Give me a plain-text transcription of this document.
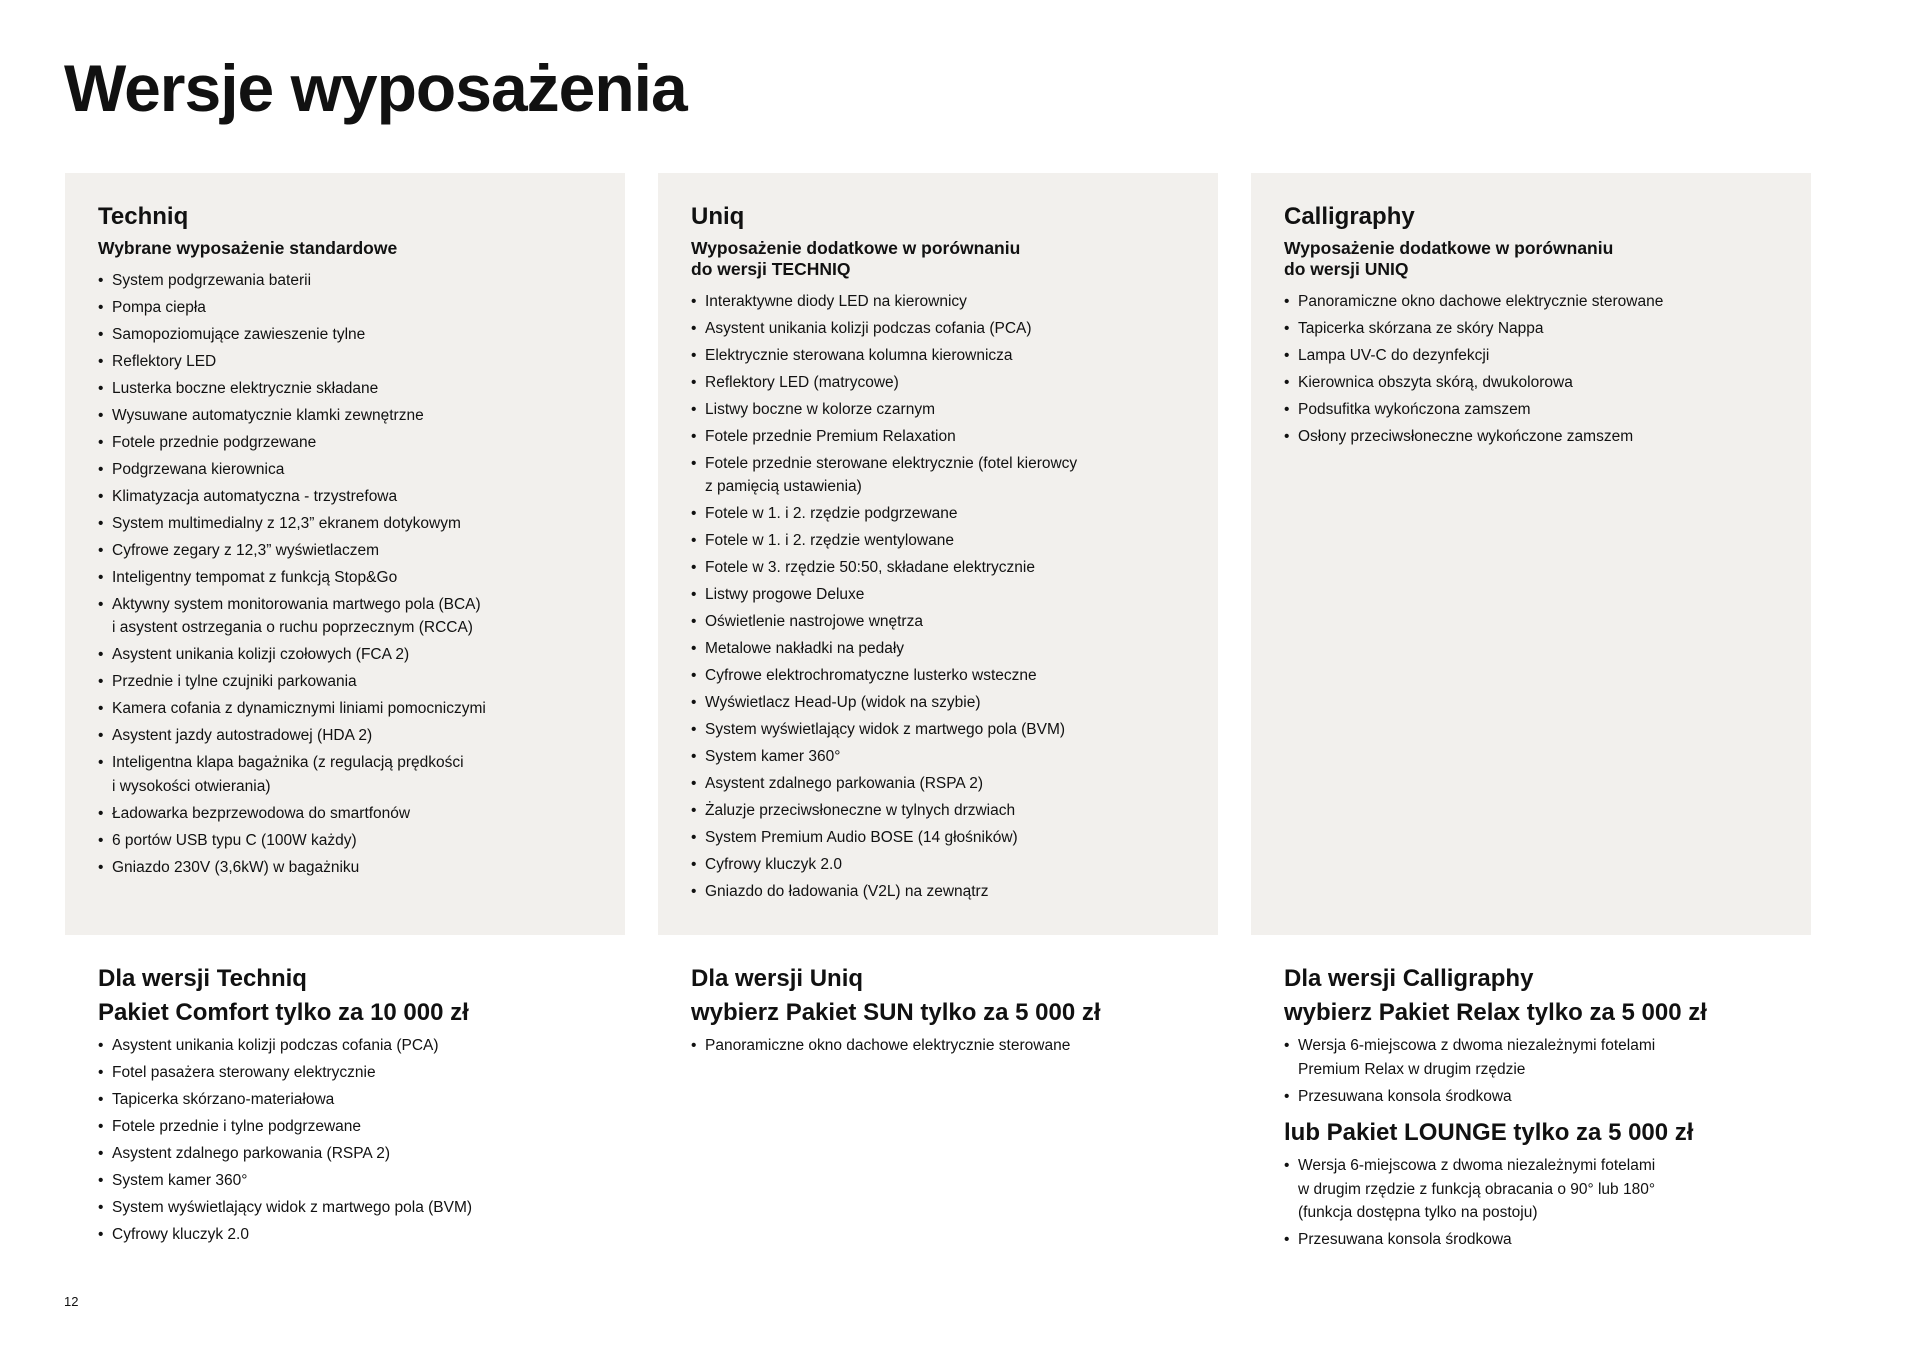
Wersje wyposażenia
Techniq
Wybrane wyposażenie standardowe
• System podgrzewania baterii
• Pompa ciepła
• Samopoziomujące zawieszenie tylne
• Reflektory LED
• Lusterka boczne elektrycznie składane
• Wysuwane automatycznie klamki zewnętrzne
• Fotele przednie podgrzewane
• Podgrzewana kierownica
• Klimatyzacja automatyczna - trzystrefowa
• System multimedialny z 12,3” ekranem dotykowym
• Cyfrowe zegary z 12,3” wyświetlaczem
• Inteligentny tempomat z funkcją Stop&Go
• Aktywny system monitorowania martwego pola (BCA)
i asystent ostrzegania o ruchu poprzecznym (RCCA)
• Asystent unikania kolizji czołowych (FCA 2)
• Przednie i tylne czujniki parkowania
• Kamera cofania z dynamicznymi liniami pomocniczymi
• Asystent jazdy autostradowej (HDA 2)
• Inteligentna klapa bagażnika (z regulacją prędkości
i wysokości otwierania)
• Ładowarka bezprzewodowa do smartfonów
• 6 portów USB typu C (100W każdy)
• Gniazdo 230V (3,6kW) w bagażniku
Uniq
Wyposażenie dodatkowe w porównaniu
do wersji TECHNIQ
• Interaktywne diody LED na kierownicy
• Asystent unikania kolizji podczas cofania (PCA)
• Elektrycznie sterowana kolumna kierownicza
• Reflektory LED (matrycowe)
• Listwy boczne w kolorze czarnym
• Fotele przednie Premium Relaxation
• Fotele przednie sterowane elektrycznie (fotel kierowcy
z pamięcią ustawienia)
• Fotele w 1. i 2. rzędzie podgrzewane
• Fotele w 1. i 2. rzędzie wentylowane
• Fotele w 3. rzędzie 50:50, składane elektrycznie
• Listwy progowe Deluxe
• Oświetlenie nastrojowe wnętrza
• Metalowe nakładki na pedały
• Cyfrowe elektrochromatyczne lusterko wsteczne
• Wyświetlacz Head-Up (widok na szybie)
• System wyświetlający widok z martwego pola (BVM)
• System kamer 360°
• Asystent zdalnego parkowania (RSPA 2)
• Żaluzje przeciwsłoneczne w tylnych drzwiach
• System Premium Audio BOSE (14 głośników)
• Cyfrowy kluczyk 2.0
• Gniazdo do ładowania (V2L) na zewnątrz
Calligraphy
Wyposażenie dodatkowe w porównaniu
do wersji UNIQ
• Panoramiczne okno dachowe elektrycznie sterowane
• Tapicerka skórzana ze skóry Nappa
• Lampa UV-C do dezynfekcji
• Kierownica obszyta skórą, dwukolorowa
• Podsufitka wykończona zamszem
• Osłony przeciwsłoneczne wykończone zamszem
Dla wersji Techniq
Pakiet Comfort tylko za 10 000 zł
• Asystent unikania kolizji podczas cofania (PCA)
• Fotel pasażera sterowany elektrycznie
• Tapicerka skórzano-materiałowa
• Fotele przednie i tylne podgrzewane
• Asystent zdalnego parkowania (RSPA 2)
• System kamer 360°
• System wyświetlający widok z martwego pola (BVM)
• Cyfrowy kluczyk 2.0
Dla wersji Uniq
wybierz Pakiet SUN tylko za 5 000 zł
• Panoramiczne okno dachowe elektrycznie sterowane
Dla wersji Calligraphy
wybierz Pakiet Relax tylko za 5 000 zł
• Wersja 6-miejscowa z dwoma niezależnymi fotelami
Premium Relax w drugim rzędzie
• Przesuwana konsola środkowa
lub Pakiet LOUNGE tylko za 5 000 zł
• Wersja 6-miejscowa z dwoma niezależnymi fotelami
w drugim rzędzie z funkcją obracania o 90° lub 180°
(funkcja dostępna tylko na postoju)
• Przesuwana konsola środkowa
12
